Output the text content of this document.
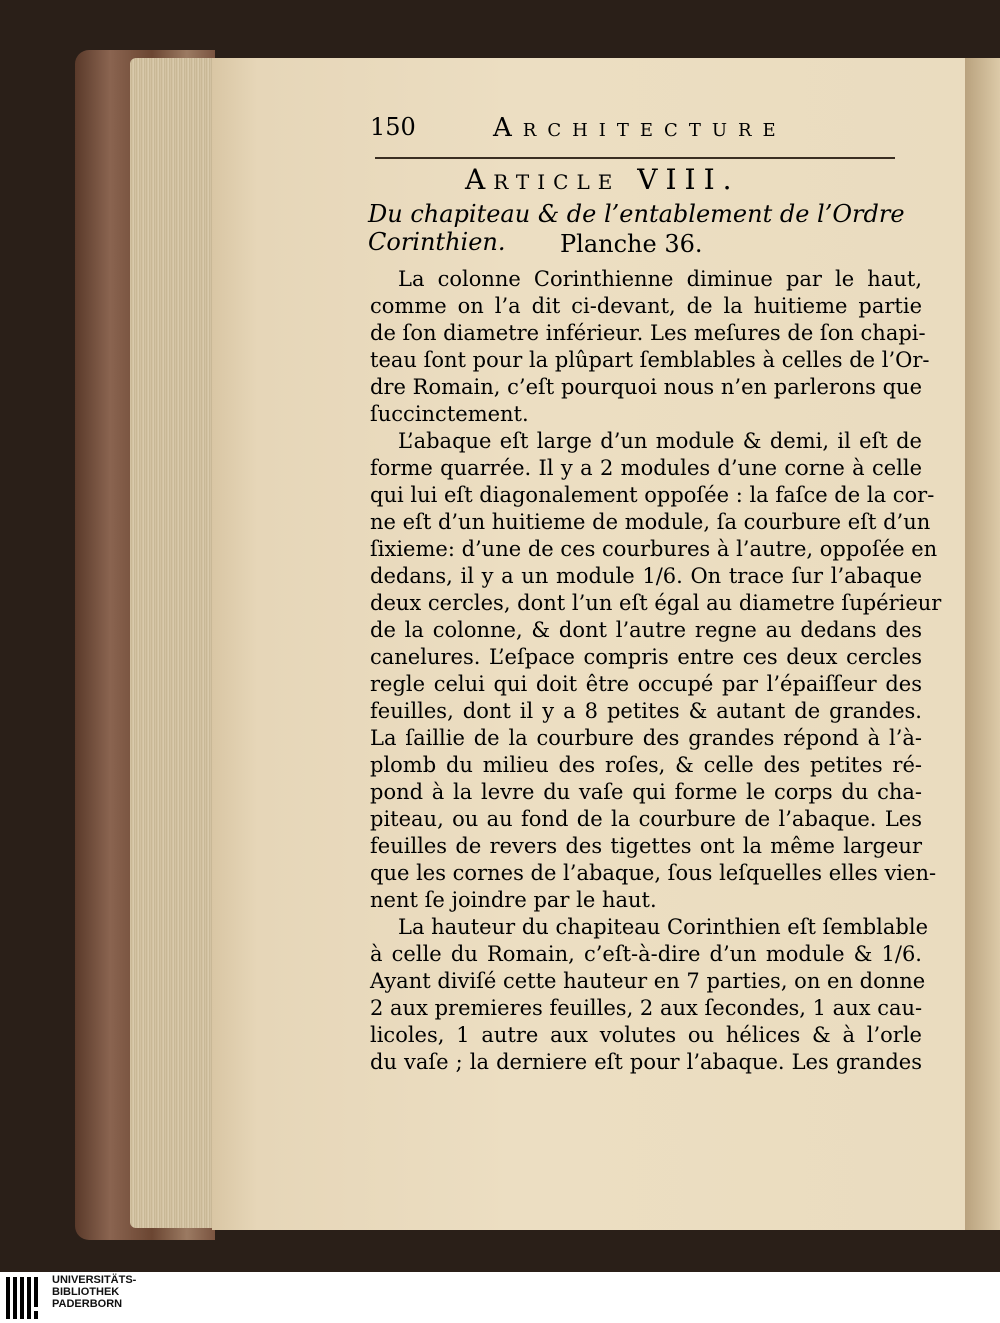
150	Architecture
Article VIII.
Du chapiteau & de l’entablement de l’Ordre Corinthien.	Planche 36.

La colonne Corinthienne diminue par le haut,
comme on l’a dit ci-devant, de la huitieme partie
de ſon diametre inférieur. Les meſures de ſon chapi-
teau ſont pour la plûpart ſemblables à celles de l’Or-
dre Romain, c’eſt pourquoi nous n’en parlerons que
ſuccinctement.

L’abaque eſt large d’un module & demi, il eſt de
forme quarrée. Il y a 2 modules d’une corne à celle
qui lui eſt diagonalement oppoſée : la faſce de la cor-
ne eſt d’un huitieme de module, ſa courbure eſt d’un
ſixieme: d’une de ces courbures à l’autre, oppoſée en
dedans, il y a un module 1/6. On trace ſur l’abaque
deux cercles, dont l’un eſt égal au diametre ſupérieur
de la colonne, & dont l’autre regne au dedans des
canelures. L’eſpace compris entre ces deux cercles
regle celui qui doit être occupé par l’épaiſſeur des
feuilles, dont il y a 8 petites & autant de grandes.
La ſaillie de la courbure des grandes répond à l’à-
plomb du milieu des roſes, & celle des petites ré-
pond à la levre du vaſe qui forme le corps du cha-
piteau, ou au fond de la courbure de l’abaque. Les
feuilles de revers des tigettes ont la même largeur
que les cornes de l’abaque, ſous leſquelles elles vien-
nent ſe joindre par le haut.

La hauteur du chapiteau Corinthien eſt ſemblable
à celle du Romain, c’eſt-à-dire d’un module & 1/6.
Ayant diviſé cette hauteur en 7 parties, on en donne
2 aux premieres feuilles, 2 aux ſecondes, 1 aux cau-
licoles, 1 autre aux volutes ou hélices & à l’orle
du vaſe ; la derniere eſt pour l’abaque. Les grandes

UNIVERSITÄTS-
BIBLIOTHEK
PADERBORN
